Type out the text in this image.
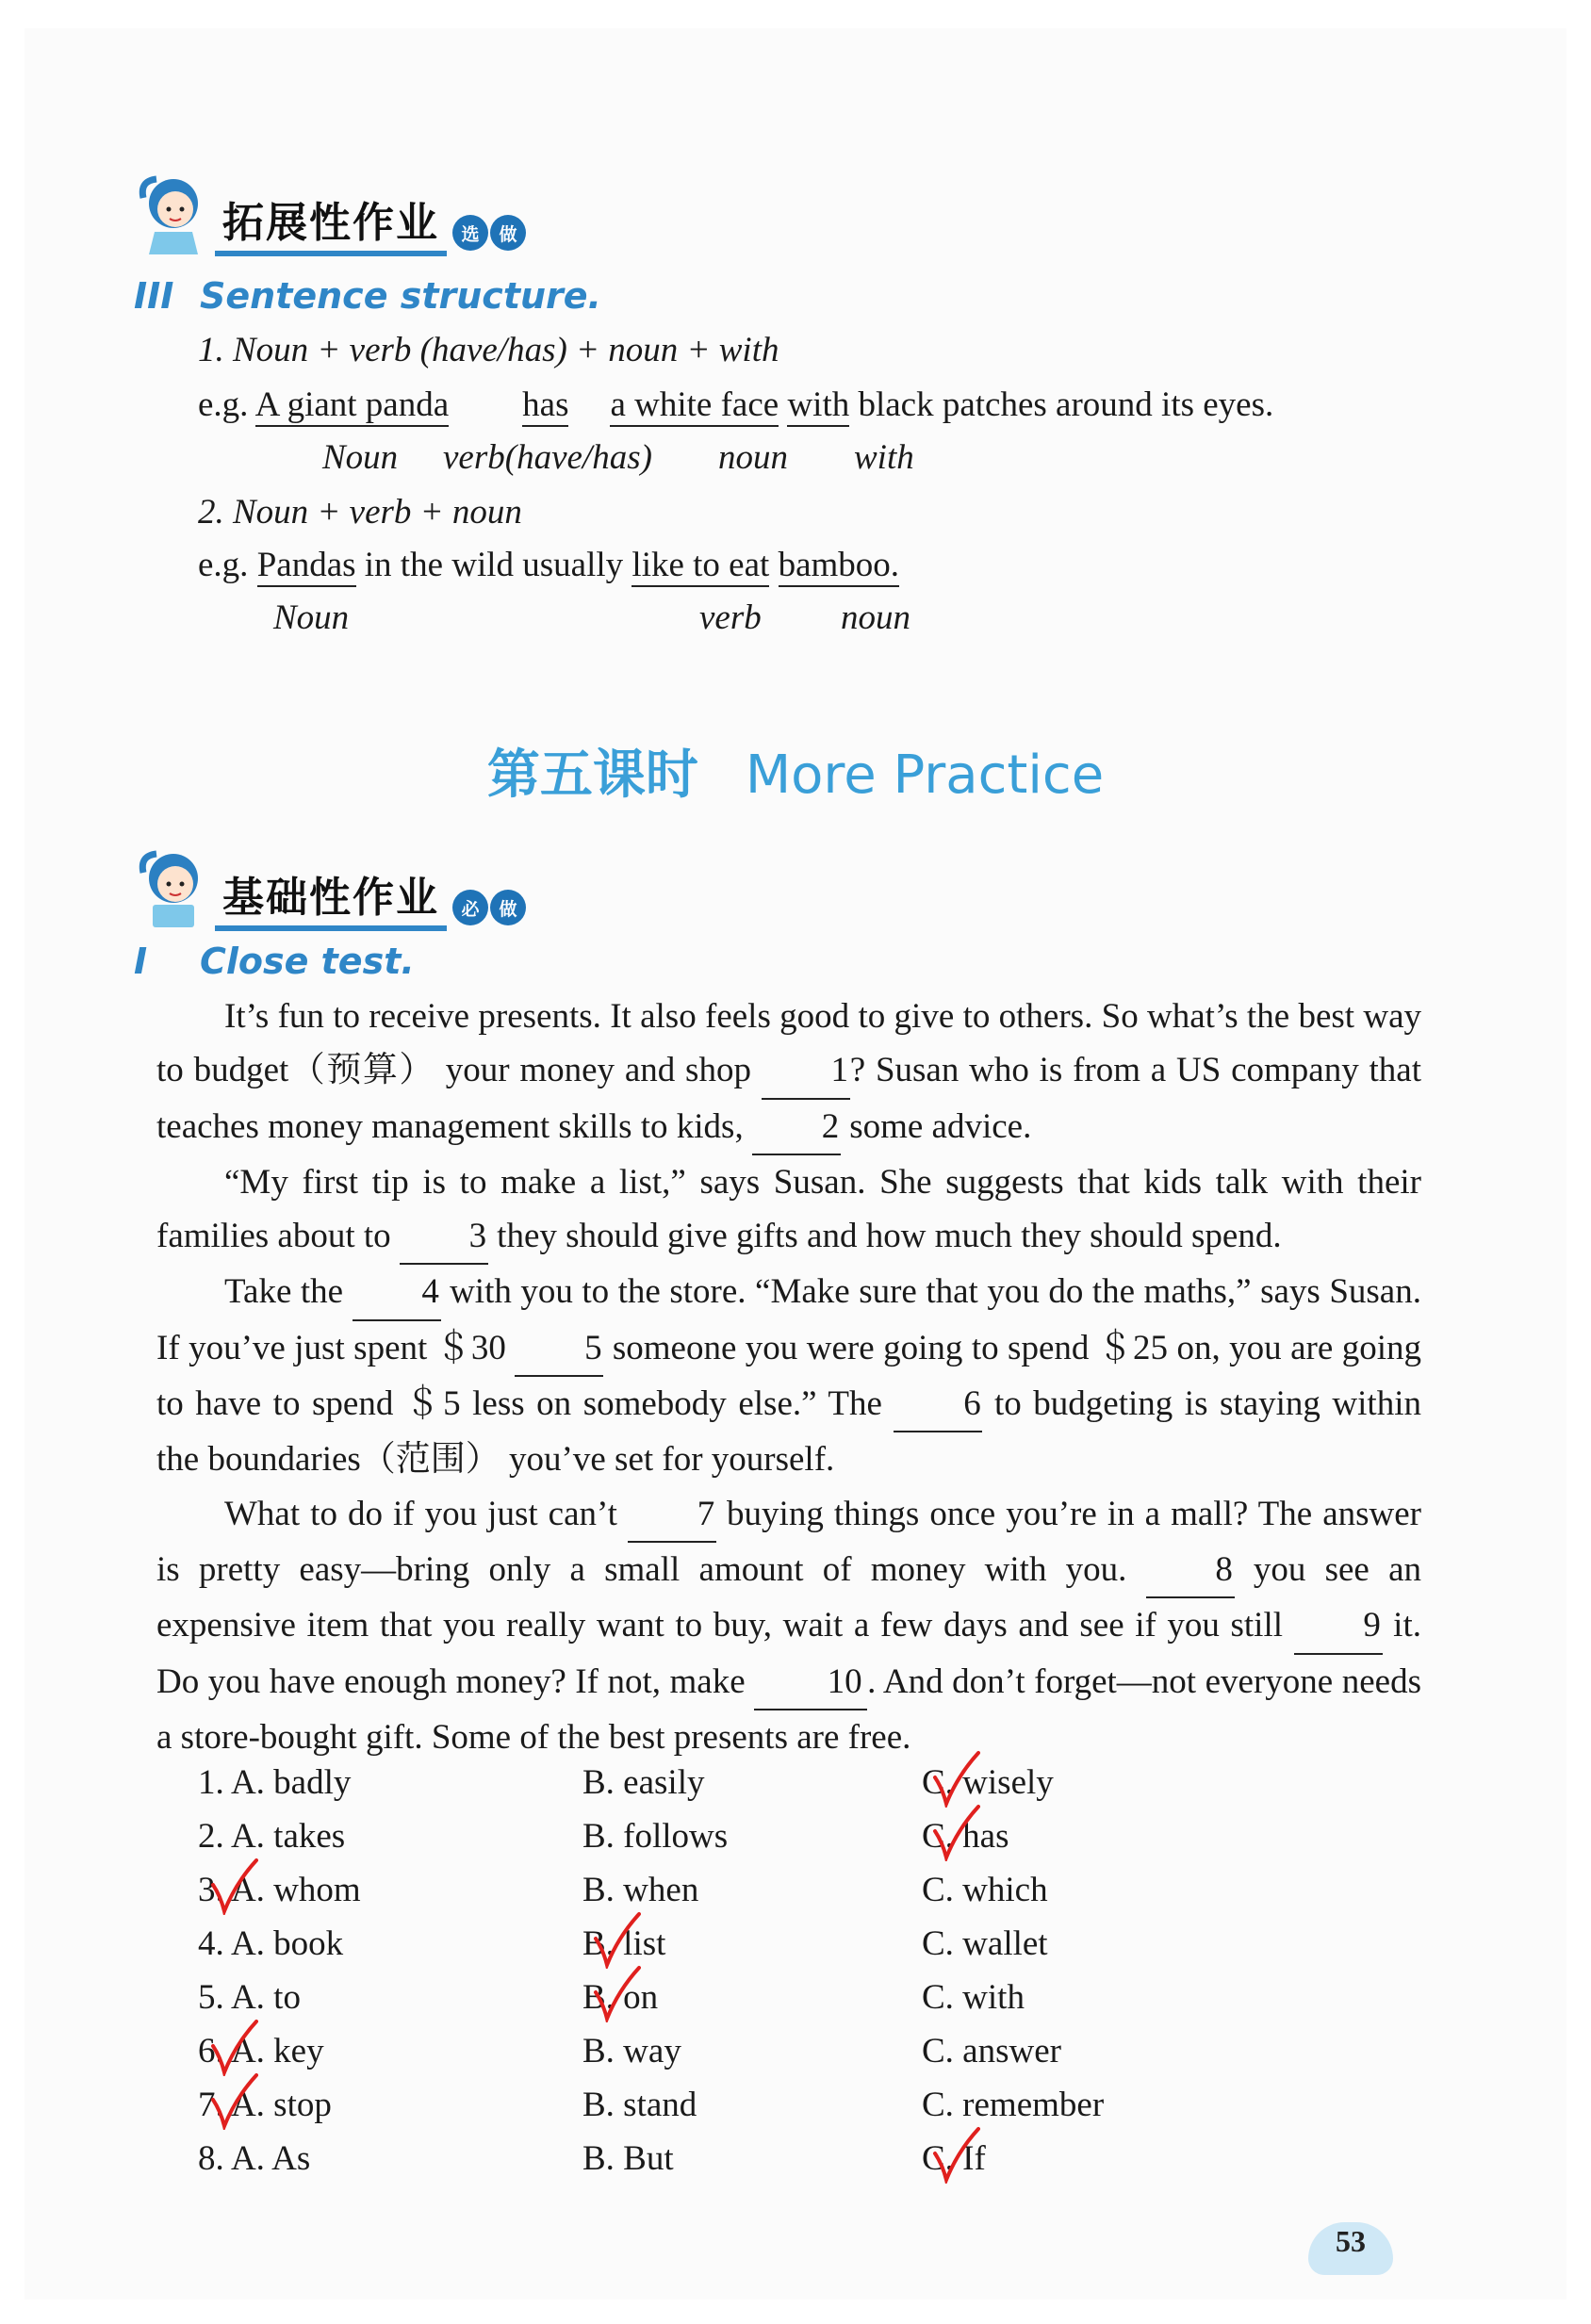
拓展性作业	选	做
III Sentence structure.
1. Noun + verb (have/has) + noun + with
e.g. A giant panda has a white face with black patches around its eyes.
Noun verb(have/has) noun with
2. Noun + verb + noun
e.g. Pandas in the wild usually like to eat bamboo.
Noun	verb noun
第五课时 More Practice
基础性作业	必	做
I Close test.

It’s fun to receive presents. It also feels good to give to others. So what’s the best way to budget（预算） your money and shop 1? Susan who is from a US company that teaches money management skills to kids, 2 some advice.

“My first tip is to make a list,” says Susan. She suggests that kids talk with their families about to 3 they should give gifts and how much they should spend.

Take the 4 with you to the store. “Make sure that you do the maths,” says Susan. If you’ve just spent ＄30 5 someone you were going to spend ＄25 on, you are going to have to spend ＄5 less on somebody else.” The 6 to budgeting is staying within the boundaries（范围） you’ve set for yourself.

What to do if you just can’t 7 buying things once you’re in a mall? The answer is pretty easy—bring only a small amount of money with you. 8 you see an expensive item that you really want to buy, wait a few days and see if you still 9 it. Do you have enough money? If not, make 10 . And don’t forget—not everyone needs a store-bought gift. Some of the best presents are free.

1. A. badly	B. easily	C. wisely
2. A. takes	B. follows	C. has
3. A. whom	B. when	C. which
4. A. book	B. list	C. wallet
5. A. to	B. on	C. with
6. A. key	B. way	C. answer
7. A. stop	B. stand	C. remember
8. A. As	B. But	C. If
53
